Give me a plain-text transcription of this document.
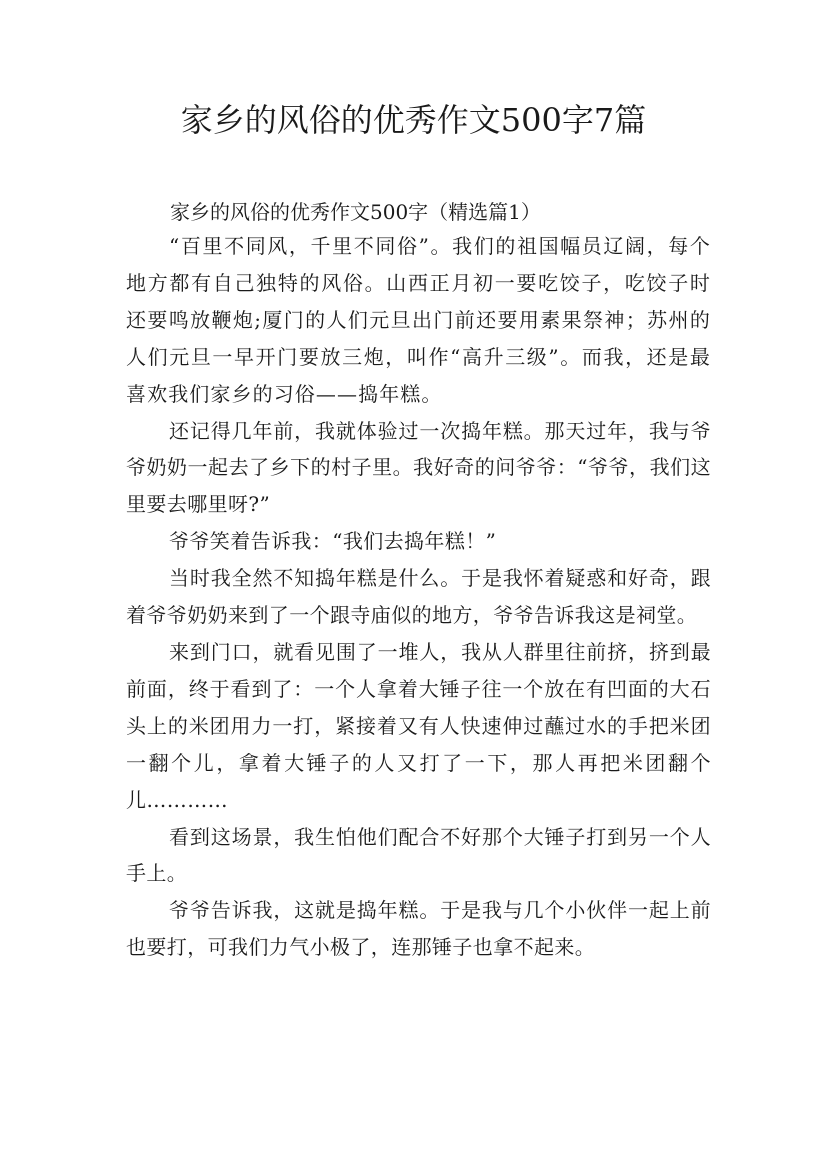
家乡的风俗的优秀作文500字7篇

家乡的风俗的优秀作文500字（精选篇1）

“百里不同风，千里不同俗”。我们的祖国幅员辽阔，每个地方都有自己独特的风俗。山西正月初一要吃饺子，吃饺子时还要鸣放鞭炮;厦门的人们元旦出门前还要用素果祭神；苏州的人们元旦一早开门要放三炮，叫作“高升三级”。而我，还是最喜欢我们家乡的习俗——捣年糕。

还记得几年前，我就体验过一次捣年糕。那天过年，我与爷爷奶奶一起去了乡下的村子里。我好奇的问爷爷：“爷爷，我们这里要去哪里呀?”

爷爷笑着告诉我：“我们去捣年糕！”

当时我全然不知捣年糕是什么。于是我怀着疑惑和好奇，跟着爷爷奶奶来到了一个跟寺庙似的地方，爷爷告诉我这是祠堂。

来到门口，就看见围了一堆人，我从人群里往前挤，挤到最前面，终于看到了：一个人拿着大锤子往一个放在有凹面的大石头上的米团用力一打，紧接着又有人快速伸过蘸过水的手把米团一翻个儿，拿着大锤子的人又打了一下，那人再把米团翻个儿…………

看到这场景，我生怕他们配合不好那个大锤子打到另一个人手上。

爷爷告诉我，这就是捣年糕。于是我与几个小伙伴一起上前也要打，可我们力气小极了，连那锤子也拿不起来。
